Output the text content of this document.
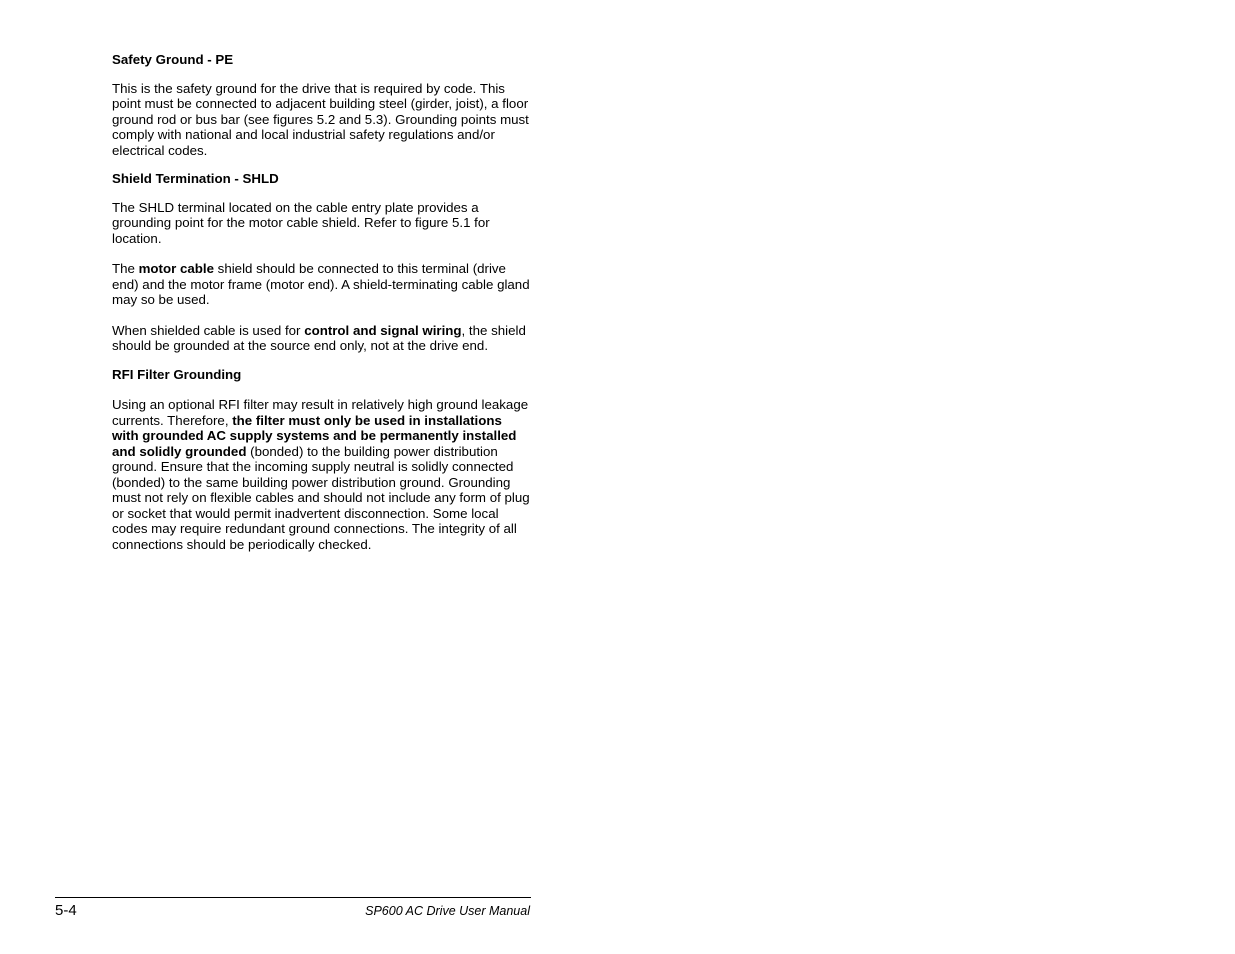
Safety Ground - PE

This is the safety ground for the drive that is required by code. This point must be connected to adjacent building steel (girder, joist), a floor ground rod or bus bar (see figures 5.2 and 5.3). Grounding points must comply with national and local industrial safety regulations and/or electrical codes.

Shield Termination - SHLD

The SHLD terminal located on the cable entry plate provides a grounding point for the motor cable shield. Refer to figure 5.1 for location.

The motor cable shield should be connected to this terminal (drive end) and the motor frame (motor end). A shield-terminating cable gland may so be used.

When shielded cable is used for control and signal wiring, the shield should be grounded at the source end only, not at the drive end.

RFI Filter Grounding

Using an optional RFI filter may result in relatively high ground leakage currents. Therefore, the filter must only be used in installations with grounded AC supply systems and be permanently installed and solidly grounded (bonded) to the building power distribution ground. Ensure that the incoming supply neutral is solidly connected (bonded) to the same building power distribution ground. Grounding must not rely on flexible cables and should not include any form of plug or socket that would permit inadvertent disconnection. Some local codes may require redundant ground connections. The integrity of all connections should be periodically checked.

5-4	SP600 AC Drive User Manual
